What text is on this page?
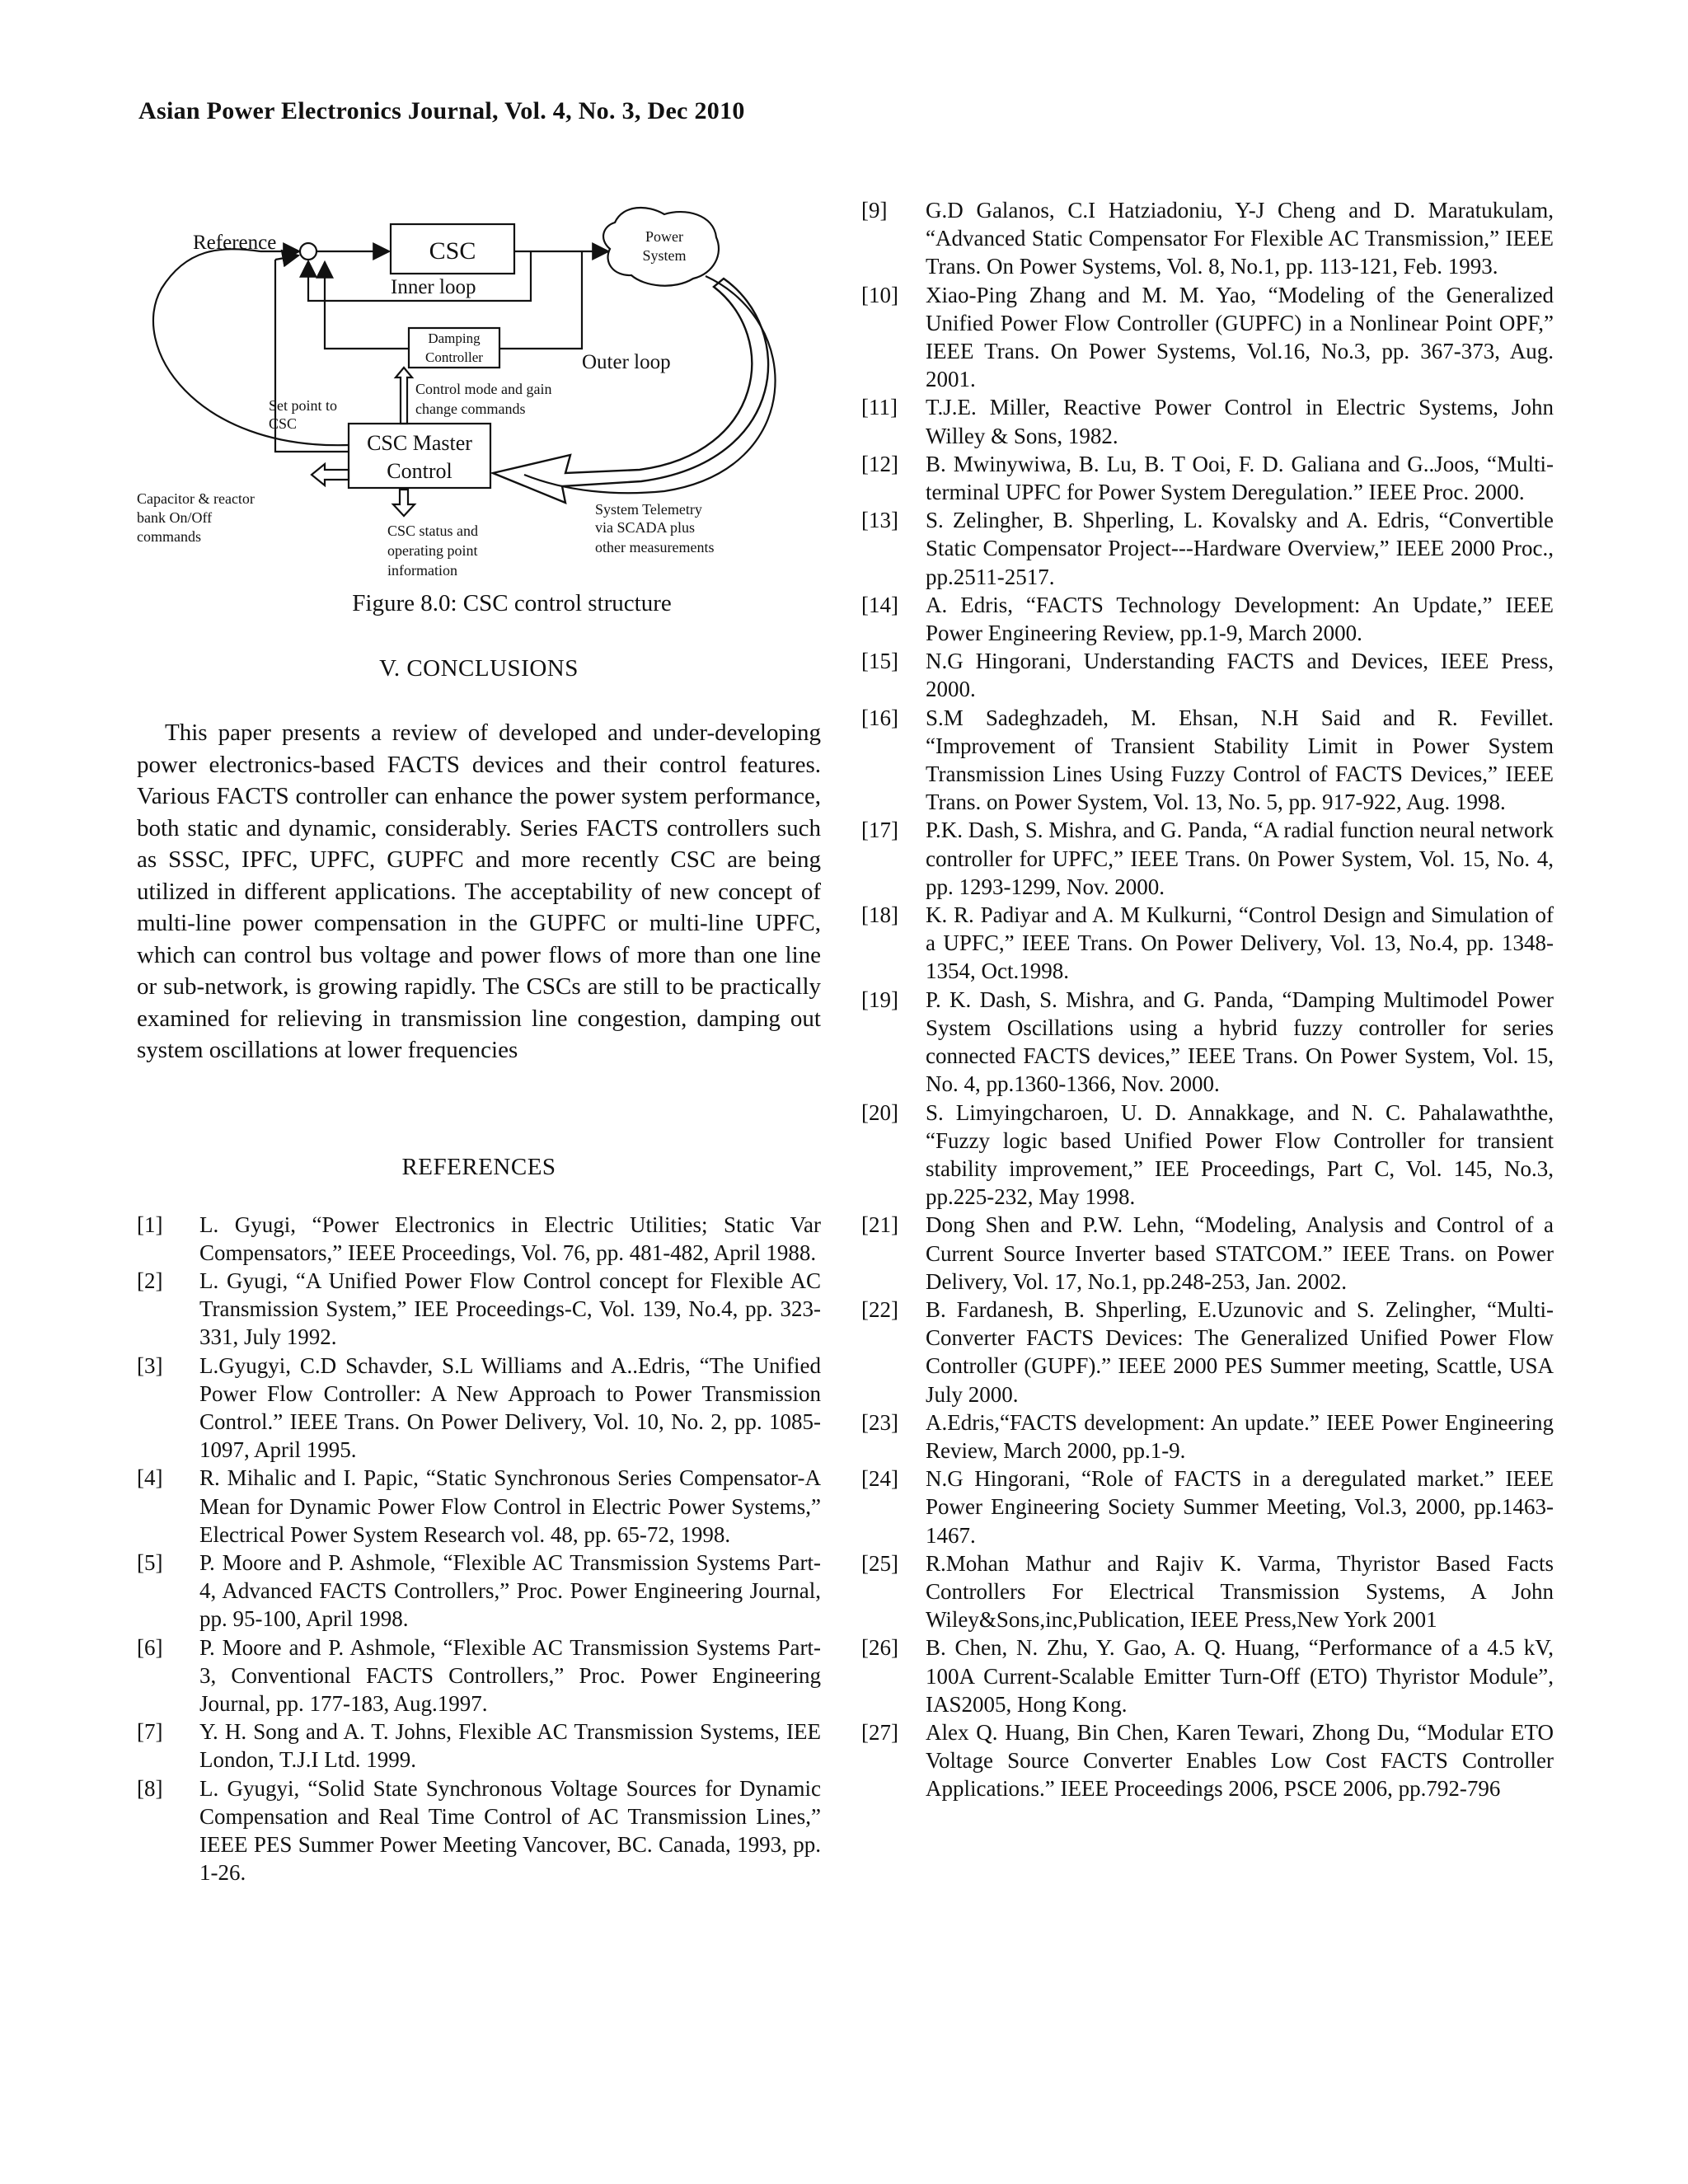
Asian Power Electronics Journal, Vol. 4, No. 3, Dec 2010
Reference	CSC
Power
System
Inner loop
Damping
Controller	Outer loop
Control mode and gain
change commands
Set point to
CSC
CSC Master
Control
Capacitor & reactor
bank On/Off
commands	CSC status and
operating point
information
System Telemetry
via SCADA plus
other measurements
Figure 8.0: CSC control structure
V. CONCLUSIONS
This paper presents a review of developed and under-developing power electronics-based FACTS devices and their control features. Various FACTS controller can enhance the power system performance, both static and dynamic, considerably. Series FACTS controllers such as SSSC, IPFC, UPFC, GUPFC and more recently CSC are being utilized in different applications. The acceptability of new concept of multi-line power compensation in the GUPFC or multi-line UPFC, which can control bus voltage and power flows of more than one line or sub-network, is growing rapidly. The CSCs are still to be practically examined for relieving in transmission line congestion, damping out system oscillations at lower frequencies
REFERENCES
[1] L. Gyugi, “Power Electronics in Electric Utilities; Static Var Compensators,” IEEE Proceedings, Vol. 76, pp. 481-482, April 1988.
[2] L. Gyugi, “A Unified Power Flow Control concept for Flexible AC Transmission System,” IEE Proceedings-C, Vol. 139, No.4, pp. 323-331, July 1992.
[3] L.Gyugyi, C.D Schavder, S.L Williams and A..Edris, “The Unified Power Flow Controller: A New Approach to Power Transmission Control.” IEEE Trans. On Power Delivery, Vol. 10, No. 2, pp. 1085-1097, April 1995.
[4] R. Mihalic and I. Papic, “Static Synchronous Series Compensator-A Mean for Dynamic Power Flow Control in Electric Power Systems,” Electrical Power System Research vol. 48, pp. 65-72, 1998.
[5] P. Moore and P. Ashmole, “Flexible AC Transmission Systems Part-4, Advanced FACTS Controllers,” Proc. Power Engineering Journal, pp. 95-100, April 1998.
[6] P. Moore and P. Ashmole, “Flexible AC Transmission Systems Part-3, Conventional FACTS Controllers,” Proc. Power Engineering Journal, pp. 177-183, Aug.1997.
[7] Y. H. Song and A. T. Johns, Flexible AC Transmission Systems, IEE London, T.J.I Ltd. 1999.
[8] L. Gyugyi, “Solid State Synchronous Voltage Sources for Dynamic Compensation and Real Time Control of AC Transmission Lines,” IEEE PES Summer Power Meeting Vancover, BC. Canada, 1993, pp. 1-26.
[9] G.D Galanos, C.I Hatziadoniu, Y-J Cheng and D. Maratukulam, “Advanced Static Compensator For Flexible AC Transmission,” IEEE Trans. On Power Systems, Vol. 8, No.1, pp. 113-121, Feb. 1993.
[10] Xiao-Ping Zhang and M. M. Yao, “Modeling of the Generalized Unified Power Flow Controller (GUPFC) in a Nonlinear Point OPF,” IEEE Trans. On Power Systems, Vol.16, No.3, pp. 367-373, Aug. 2001.
[11] T.J.E. Miller, Reactive Power Control in Electric Systems, John Willey & Sons, 1982.
[12] B. Mwinywiwa, B. Lu, B. T Ooi, F. D. Galiana and G..Joos, “Multi-terminal UPFC for Power System Deregulation.” IEEE Proc. 2000.
[13] S. Zelingher, B. Shperling, L. Kovalsky and A. Edris, “Convertible Static Compensator Project---Hardware Overview,” IEEE 2000 Proc., pp.2511-2517.
[14] A. Edris, “FACTS Technology Development: An Update,” IEEE Power Engineering Review, pp.1-9, March 2000.
[15] N.G Hingorani, Understanding FACTS and Devices, IEEE Press, 2000.
[16] S.M Sadeghzadeh, M. Ehsan, N.H Said and R. Fevillet. “Improvement of Transient Stability Limit in Power System Transmission Lines Using Fuzzy Control of FACTS Devices,” IEEE Trans. on Power System, Vol. 13, No. 5, pp. 917-922, Aug. 1998.
[17] P.K. Dash, S. Mishra, and G. Panda, “A radial function neural network controller for UPFC,” IEEE Trans. 0n Power System, Vol. 15, No. 4, pp. 1293-1299, Nov. 2000.
[18] K. R. Padiyar and A. M Kulkurni, “Control Design and Simulation of a UPFC,” IEEE Trans. On Power Delivery, Vol. 13, No.4, pp. 1348-1354, Oct.1998.
[19] P. K. Dash, S. Mishra, and G. Panda, “Damping Multimodel Power System Oscillations using a hybrid fuzzy controller for series connected FACTS devices,” IEEE Trans. On Power System, Vol. 15, No. 4, pp.1360-1366, Nov. 2000.
[20] S. Limyingcharoen, U. D. Annakkage, and N. C. Pahalawaththe, “Fuzzy logic based Unified Power Flow Controller for transient stability improvement,” IEE Proceedings, Part C, Vol. 145, No.3, pp.225-232, May 1998.
[21] Dong Shen and P.W. Lehn, “Modeling, Analysis and Control of a Current Source Inverter based STATCOM.” IEEE Trans. on Power Delivery, Vol. 17, No.1, pp.248-253, Jan. 2002.
[22] B. Fardanesh, B. Shperling, E.Uzunovic and S. Zelingher, “Multi-Converter FACTS Devices: The Generalized Unified Power Flow Controller (GUPF).” IEEE 2000 PES Summer meeting, Scattle, USA July 2000.
[23] A.Edris,“FACTS development: An update.” IEEE Power Engineering Review, March 2000, pp.1-9.
[24] N.G Hingorani, “Role of FACTS in a deregulated market.” IEEE Power Engineering Society Summer Meeting, Vol.3, 2000, pp.1463-1467.
[25] R.Mohan Mathur and Rajiv K. Varma, Thyristor Based Facts Controllers For Electrical Transmission Systems, A John Wiley&Sons,inc,Publication, IEEE Press,New York 2001
[26] B. Chen, N. Zhu, Y. Gao, A. Q. Huang, “Performance of a 4.5 kV, 100A Current-Scalable Emitter Turn-Off (ETO) Thyristor Module”, IAS2005, Hong Kong.
[27] Alex Q. Huang, Bin Chen, Karen Tewari, Zhong Du, “Modular ETO Voltage Source Converter Enables Low Cost FACTS Controller Applications.” IEEE Proceedings 2006, PSCE 2006, pp.792-796
